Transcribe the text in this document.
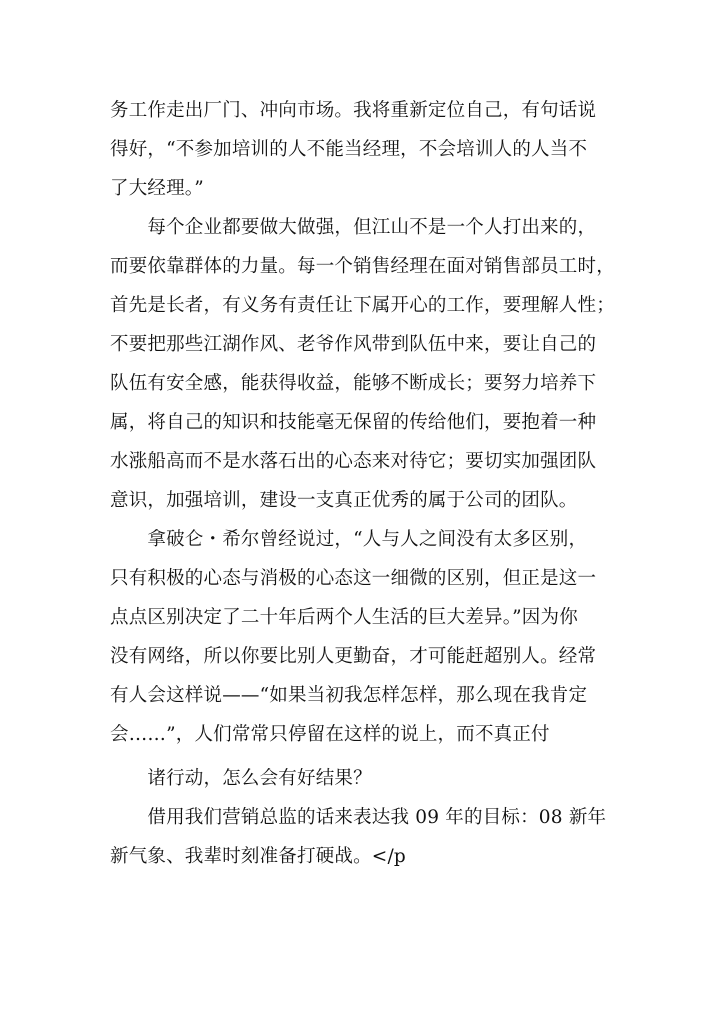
务工作走出厂门、冲向市场。我将重新定位自己，有句话说
得好，“不参加培训的人不能当经理，不会培训人的人当不
了大经理。”
　　每个企业都要做大做强，但江山不是一个人打出来的，
而要依靠群体的力量。每一个销售经理在面对销售部员工时，
首先是长者，有义务有责任让下属开心的工作，要理解人性；
不要把那些江湖作风、老爷作风带到队伍中来，要让自己的
队伍有安全感，能获得收益，能够不断成长；要努力培养下
属，将自己的知识和技能毫无保留的传给他们，要抱着一种
水涨船高而不是水落石出的心态来对待它；要切实加强团队
意识，加强培训，建设一支真正优秀的属于公司的团队。
　　拿破仑・希尔曾经说过，“人与人之间没有太多区别，
只有积极的心态与消极的心态这一细微的区别，但正是这一
点点区别决定了二十年后两个人生活的巨大差异。”因为你
没有网络，所以你要比别人更勤奋，才可能赶超别人。经常
有人会这样说——“如果当初我怎样怎样，那么现在我肯定
会……”，人们常常只停留在这样的说上，而不真正付
　　诸行动，怎么会有好结果？
　　借用我们营销总监的话来表达我 09 年的目标：08 新年
新气象、我辈时刻准备打硬战。</p
